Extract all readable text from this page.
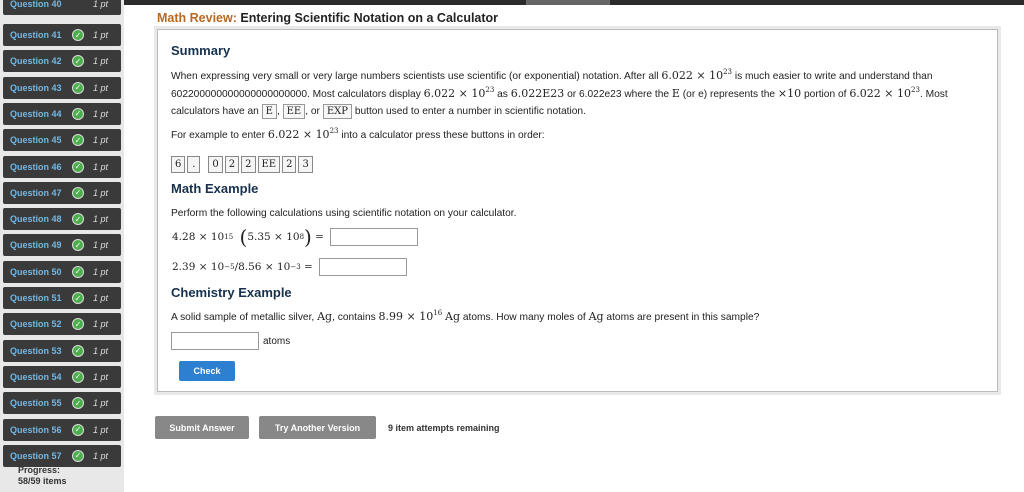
Question 40	1 pt
Question 41	✓ 1 pt
Question 42	✓ 1 pt
Question 43	✓ 1 pt
Question 44	✓ 1 pt
Question 45	✓ 1 pt
Question 46	✓ 1 pt
Question 47	✓ 1 pt
Question 48	✓ 1 pt
Question 49	✓ 1 pt
Question 50	✓ 1 pt
Question 51	✓ 1 pt
Question 52	✓ 1 pt
Question 53	✓ 1 pt
Question 54	✓ 1 pt
Question 55	✓ 1 pt
Question 56	✓ 1 pt
Question 57	✓ 1 pt
Progress:
58/59 items
Math Review: Entering Scientific Notation on a Calculator
Summary
When expressing very small or very large numbers scientists use scientific (or exponential) notation. After all $6.022 \times 10^{23}$ is much easier to write and understand than 602200000000000000000000. Most calculators display $6.022 \times 10^{23}$ as 6.022E23 or 6.022e23 where the E (or e) represents the ×10 portion of $6.022 \times 10^{23}$. Most calculators have an E , EE , or EXP button used to enter a number in scientific notation.
For example to enter $6.022 \times 10^{23}$ into a calculator press these buttons in order:
6	.	0	2	2	EE	2	3
Math Example
Perform the following calculations using scientific notation on your calculator.
4.28 × 10 15 ( 5.35 × 10 8 ) =
2.39 × 10 −5 / 8.56 × 10 −3 =
Chemistry Example
A solid sample of metallic silver, Ag, contains $8.99 \times 10^{16}$ Ag atoms. How many moles of Ag atoms are present in this sample?
atoms
Check
Submit Answer	Try Another Version	9 item attempts remaining
